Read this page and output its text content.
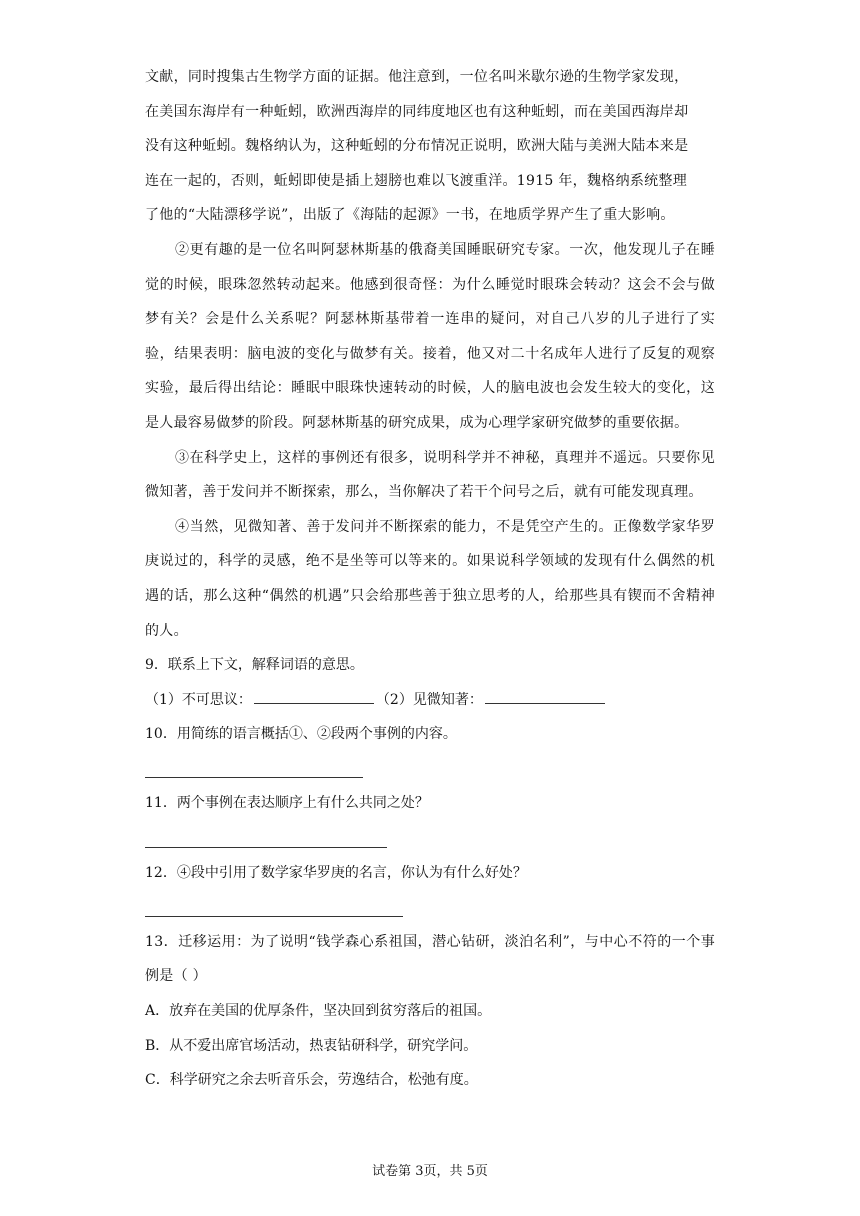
文献，同时搜集古生物学方面的证据。他注意到，一位名叫米歇尔逊的生物学家发现，

在美国东海岸有一种蚯蚓，欧洲西海岸的同纬度地区也有这种蚯蚓，而在美国西海岸却

没有这种蚯蚓。魏格纳认为，这种蚯蚓的分布情况正说明，欧洲大陆与美洲大陆本来是

连在一起的，否则，蚯蚓即使是插上翅膀也难以飞渡重洋。1915 年，魏格纳系统整理

了他的“大陆漂移学说”，出版了《海陆的起源》一书，在地质学界产生了重大影响。

②更有趣的是一位名叫阿瑟林斯基的俄裔美国睡眠研究专家。一次，他发现儿子在睡觉的时候，眼珠忽然转动起来。他感到很奇怪：为什么睡觉时眼珠会转动？这会不会与做梦有关？会是什么关系呢？阿瑟林斯基带着一连串的疑问，对自己八岁的儿子进行了实验，结果表明：脑电波的变化与做梦有关。接着，他又对二十名成年人进行了反复的观察实验，最后得出结论：睡眠中眼珠快速转动的时候，人的脑电波也会发生较大的变化，这是人最容易做梦的阶段。阿瑟林斯基的研究成果，成为心理学家研究做梦的重要依据。

③在科学史上，这样的事例还有很多，说明科学并不神秘，真理并不遥远。只要你见微知著，善于发问并不断探索，那么，当你解决了若干个问号之后，就有可能发现真理。

④当然，见微知著、善于发问并不断探索的能力，不是凭空产生的。正像数学家华罗庚说过的，科学的灵感，绝不是坐等可以等来的。如果说科学领域的发现有什么偶然的机遇的话，那么这种“偶然的机遇”只会给那些善于独立思考的人，给那些具有锲而不舍精神的人。

9．联系上下文，解释词语的意思。

（1）不可思议：	（2）见微知著：

10．用简练的语言概括①、②段两个事例的内容。

11．两个事例在表达顺序上有什么共同之处？

12．④段中引用了数学家华罗庚的名言，你认为有什么好处？

13．迁移运用：为了说明“钱学森心系祖国，潜心钻研，淡泊名利”，与中心不符的一个事例是（ ）

A．放弃在美国的优厚条件，坚决回到贫穷落后的祖国。

B．从不爱出席官场活动，热衷钻研科学，研究学问。

C．科学研究之余去听音乐会，劳逸结合，松弛有度。

试卷第 3页，共 5页
